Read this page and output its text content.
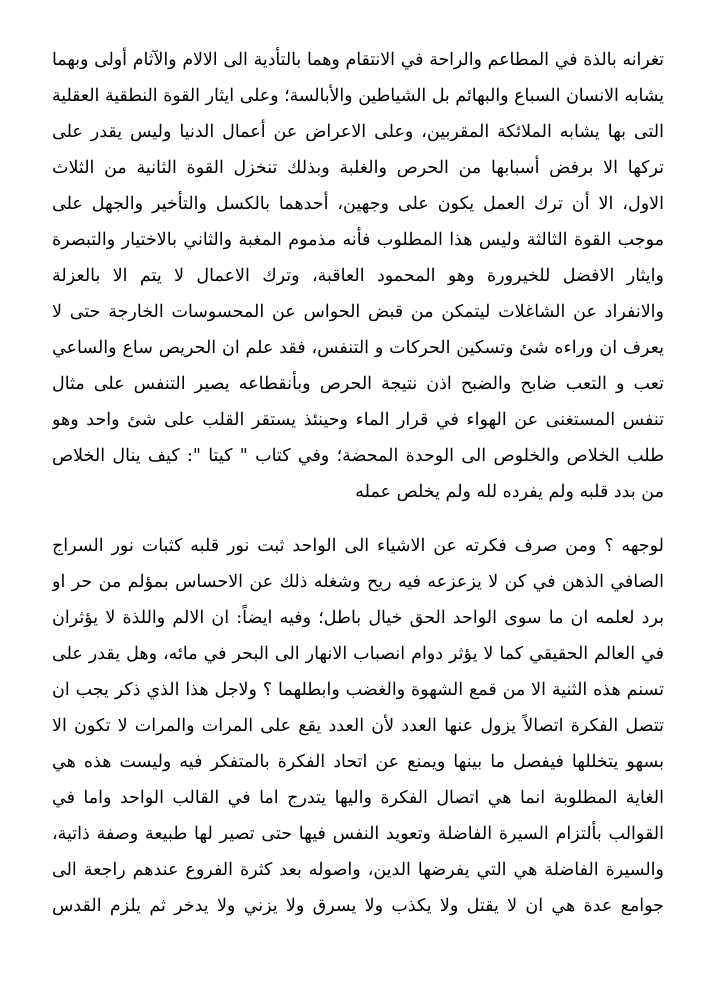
تغرانه بالذة في المطاعم والراحة في الانتقام وهما بالتأدية الى الالام والآثام أولى وبهما
يشابه الانسان السباع والبهائم بل الشياطين والأبالسة؛ وعلى ايثار القوة النطقية العقلية
التى بها يشابه الملائكة المقربين، وعلى الاعراض عن أعمال الدنيا وليس يقدر على
تركها الا برفض أسبابها من الحرص والغلبة وبذلك تنخزل القوة الثانية من الثلاث
الاول، الا أن ترك العمل يكون على وجهين، أحدهما بالكسل والتأخير والجهل على
موجب القوة الثالثة وليس هذا المطلوب فأنه مذموم المغبة والثاني بالاختيار والتبصرة
وايثار الافضل للخيرورة وهو المحمود العاقبة، وترك الاعمال لا يتم الا بالعزلة
والانفراد عن الشاغلات ليتمكن من قبض الحواس عن المحسوسات الخارجة حتى لا
يعرف ان وراءه شئ وتسكين الحركات و التنفس، فقد علم ان الحريص ساع والساعي
تعب و التعب ضابح والضبح اذن نتيجة الحرص وبأنقطاعه يصير التنفس على مثال
تنفس المستغنى عن الهواء في قرار الماء وحينئذ يستقر القلب على شئ واحد وهو
طلب الخلاص والخلوص الى الوحدة المحضة؛ وفي كتاب " كيتا ": كيف ينال الخلاص
من بدد قلبه ولم يفرده لله ولم يخلص عمله
لوجهه ؟ ومن صرف فكرته عن الاشياء الى الواحد ثبت نور قلبه كثبات نور السراج
الصافي الذهن في كن لا يزعزعه فيه ريح وشغله ذلك عن الاحساس بمؤلم من حر او
برد لعلمه ان ما سوى الواحد الحق خيال باطل؛ وفيه ايضاً: ان الالم واللذة لا يؤثران
في العالم الحقيقي كما لا يؤثر دوام انصباب الانهار الى البحر في مائه، وهل يقدر على
تسنم هذه الثنية الا من قمع الشهوة والغضب وابطلهما ؟ ولاجل هذا الذي ذكر يجب ان
تتصل الفكرة اتصالاً يزول عنها العدد لأن العدد يقع على المرات والمرات لا تكون الا
بسهو يتخللها فيفصل ما بينها ويمنع عن اتحاد الفكرة بالمتفكر فيه وليست هذه هي
الغاية المطلوبة انما هي اتصال الفكرة واليها يتدرج اما في القالب الواحد واما في
القوالب بألتزام السيرة الفاضلة وتعويد النفس فيها حتى تصير لها طبيعة وصفة ذاتية،
والسيرة الفاضلة هي التي يفرضها الدين، واصوله بعد كثرة الفروع عندهم راجعة الى
جوامع عدة هي ان لا يقتل ولا يكذب ولا يسرق ولا يزني ولا يدخر ثم يلزم القدس
